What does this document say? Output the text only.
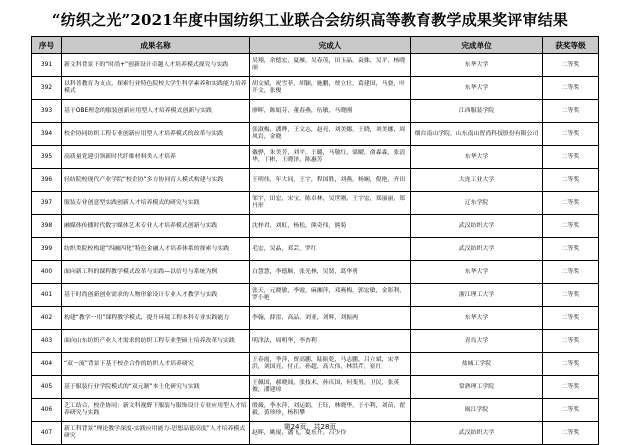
“纺织之光”2021年度中国纺织工业联合会纺织高等教育教学成果奖评审结果
序号	成果名称	完成人	完成单位	获奖等级
391	新文科背景下的“时尚+”创新设计卓越人才培养模式探究与实践	吴翔，余德宏，夏雁，吴春茂，田玉晶，袁姝，吴平，杨晓丽	东华大学	二等奖
392	以科普教育为支点，探索行业特色院校大学生科学素养和实践能力培养模式	胡文斌，祝雪菲，胡颖，施鹏，贾立壮，葛建国，马骁，叶开文，张俊	东华大学	二等奖
393	基于OBE理念的服装创新应用型人才培养模式创新与实践	廖晖，陈娟芬，董春燕，伍敏，马晓刚	江西服装学院	二等奖
394	校企协同纺织工程专业创新应用型人才培养模式的改革与实践	张淑梅，潘晔，王文志，赵亮，刘美娜，王晓，刘美娜，周风岩，金晓	烟台南山学院，山东南山智尚科技股份有限公司	二等奖
395	高质量党建引领新时代纤维材料类人才培养	戴骅，朱美芳，刘平，王璐，马敬红，梁曜，俞森森，张清华，丁彬，王晓泽，陈惠芳	东华大学	二等奖
396	轻纺院校现代产业学院“校企协”多方协同育人模式构建与实践	王明伟，年大同，王宇，程国胜，刘燕，杨娴，倪艳，齐田	大连工业大学	二等奖
397	服装专业创意型实践创新人才培养模式的研究与实践	邹宇，田宏，宋宝，陈卓林，吴世刚，王宇宏，郑丽丽，郑丹形	辽东学院	二等奖
398	融媒体传播时代数字媒体艺术专业人才培养模式创新与实践	沈梓君，刘虹，杨松，熊奇伟，熊菊	武汉纺织大学	二等奖
399	纺织类院校构建“四融四化”特色金融人才培养体系的探索与实践	毛宏，吴晶，邓芸，罗红	武汉纺织大学	二等奖
400	面向新工科的课程教学模式改革与实践—以信号与系统为例	白慧慧，李德顺，张光林，吴贤，葛华勇	东华大学	二等奖
401	基于时尚创新创业需求的人物形象设计专业人才教学与实践	张天，元晓敏，李霞，麻湘萍，邓燕梅，郭宏敏，金影利，罗小艳	浙江理工大学	二等奖
402	构建“教学一用”课程教学模式，提升环境工程本科专业实践能力	李翰，薛雷，高品，刘亚，刘辉，刘振两	东华大学	二等奖
403	面向山东纺织产业人才需求的纺织工程专业型硕士培养改革与实践	明津法，周明华，李杏利	青岛大学	二等奖
404	“双一流”背景下基于校企合作的纺织人才培养研究	王春霞，季萍，贾高鹏，陆振乾，马志鹏，吕立斌，宋孝浜，刘国亮，付正，孙超，高大伟，林洪芹，崔红	盐城工学院	二等奖
405	基于服装行业学院模式的“双元制”本土化研究与实践	王佩国，郝晓闻，张技术，孙庆国，何斐男，卫民，张英俊，潘建琼	常熟理工学院	二等奖
406	艺工结合、校企协同：新文科视野下服装与服饰设计专业应用型人才培养研究与实践	殷薇，李水萍，刘运娟，王钰，林晓华，于小利，刘苗，翟毅，黄珍珍，杨积攀	闽江学院	二等奖
407	新工科背景“理论教学深度-实践应用能力-思想品德高度”人才培养模式研究	赵晖，姚琨，潘飞，夏东升，吕少伶	武汉纺织大学	二等奖
第24页，共28页
